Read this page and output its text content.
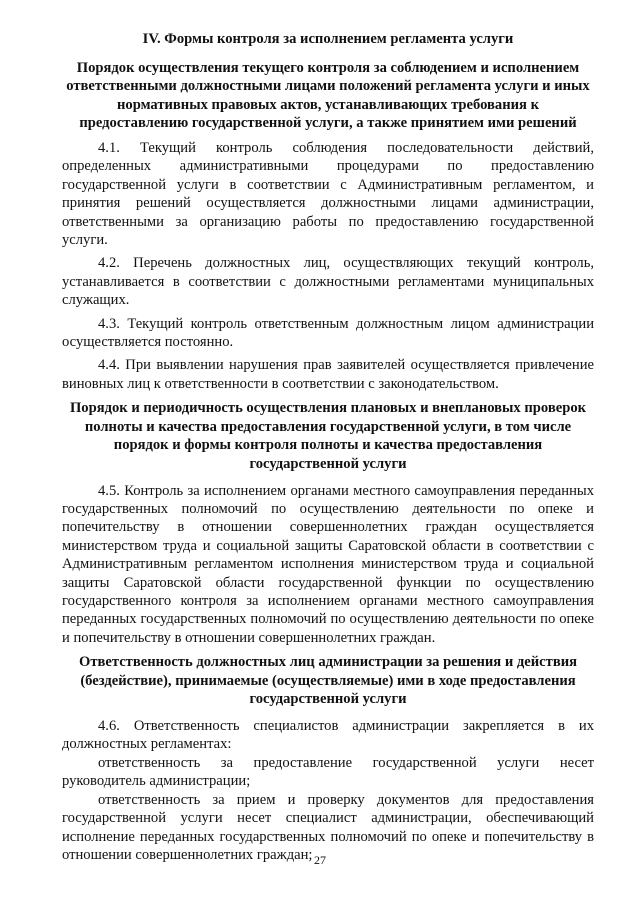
IV. Формы контроля за исполнением регламента услуги
Порядок осуществления текущего контроля за соблюдением и исполнением ответственными должностными лицами положений регламента услуги и иных нормативных правовых актов, устанавливающих требования к предоставлению государственной услуги, а также принятием ими решений

4.1. Текущий контроль соблюдения последовательности действий, определенных административными процедурами по предоставлению государственной услуги в соответствии с Административным регламентом, и принятия решений осуществляется должностными лицами администрации, ответственными за организацию работы по предоставлению государственной услуги.

4.2. Перечень должностных лиц, осуществляющих текущий контроль, устанавливается в соответствии с должностными регламентами муниципальных служащих.

4.3. Текущий контроль ответственным должностным лицом администрации осуществляется постоянно.

4.4. При выявлении нарушения прав заявителей осуществляется привлечение виновных лиц к ответственности в соответствии с законодательством.

Порядок и периодичность осуществления плановых и внеплановых проверок полноты и качества предоставления государственной услуги, в том числе порядок и формы контроля полноты и качества предоставления государственной услуги

4.5. Контроль за исполнением органами местного самоуправления переданных государственных полномочий по осуществлению деятельности по опеке и попечительству в отношении совершеннолетних граждан осуществляется министерством труда и социальной защиты Саратовской области в соответствии с Административным регламентом исполнения министерством труда и социальной защиты Саратовской области государственной функции по осуществлению государственного контроля за исполнением органами местного самоуправления переданных государственных полномочий по осуществлению деятельности по опеке и попечительству в отношении совершеннолетних граждан.

Ответственность должностных лиц администрации за решения и действия (бездействие), принимаемые (осуществляемые) ими в ходе предоставления государственной услуги

4.6. Ответственность специалистов администрации закрепляется в их должностных регламентах:

ответственность за предоставление государственной услуги несет руководитель администрации;

ответственность за прием и проверку документов для предоставления государственной услуги несет специалист администрации, обеспечивающий исполнение переданных государственных полномочий по опеке и попечительству в отношении совершеннолетних граждан; 27
